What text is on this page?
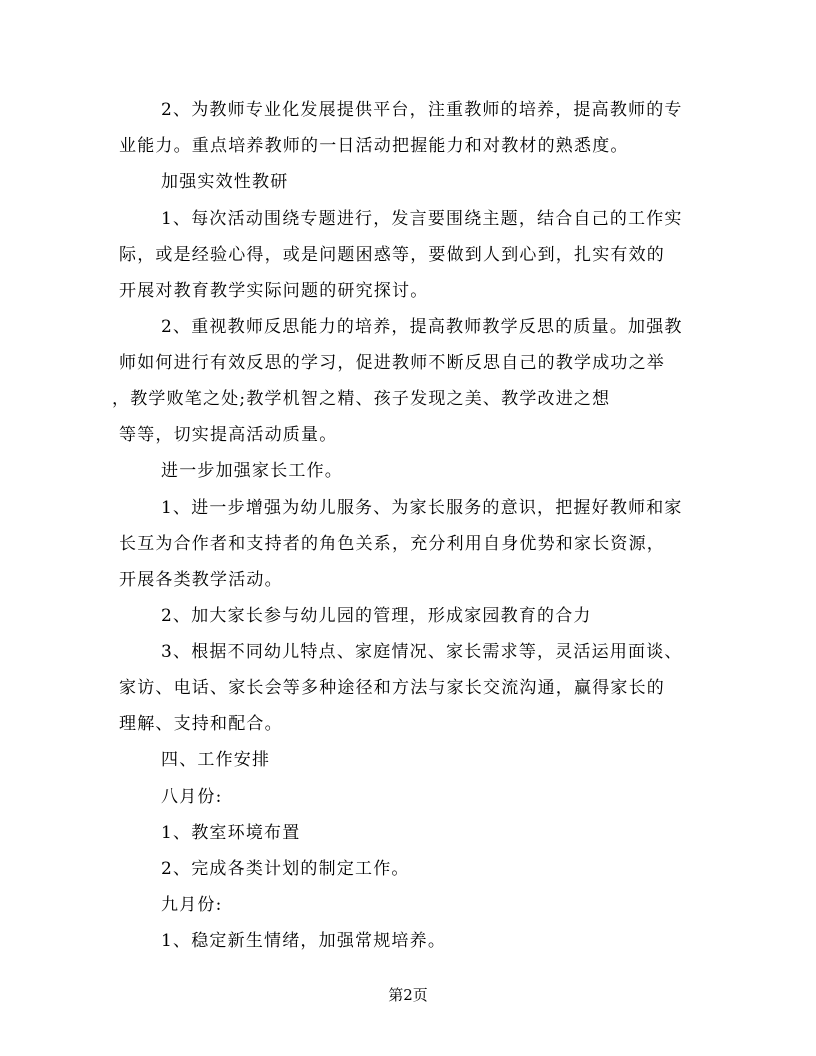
2、为教师专业化发展提供平台，注重教师的培养，提高教师的专
业能力。重点培养教师的一日活动把握能力和对教材的熟悉度。
加强实效性教研
1、每次活动围绕专题进行，发言要围绕主题，结合自己的工作实
际，或是经验心得，或是问题困惑等，要做到人到心到，扎实有效的
开展对教育教学实际问题的研究探讨。
2、重视教师反思能力的培养，提高教师教学反思的质量。加强教
师如何进行有效反思的学习，促进教师不断反思自己的教学成功之举
，教学败笔之处;教学机智之精、孩子发现之美、教学改进之想
等等，切实提高活动质量。
进一步加强家长工作。
1、进一步增强为幼儿服务、为家长服务的意识，把握好教师和家
长互为合作者和支持者的角色关系，充分利用自身优势和家长资源，
开展各类教学活动。
2、加大家长参与幼儿园的管理，形成家园教育的合力
3、根据不同幼儿特点、家庭情况、家长需求等，灵活运用面谈、
家访、电话、家长会等多种途径和方法与家长交流沟通，赢得家长的
理解、支持和配合。
四、工作安排
八月份:
1、教室环境布置
2、完成各类计划的制定工作。
九月份:
1、稳定新生情绪，加强常规培养。
第2页
